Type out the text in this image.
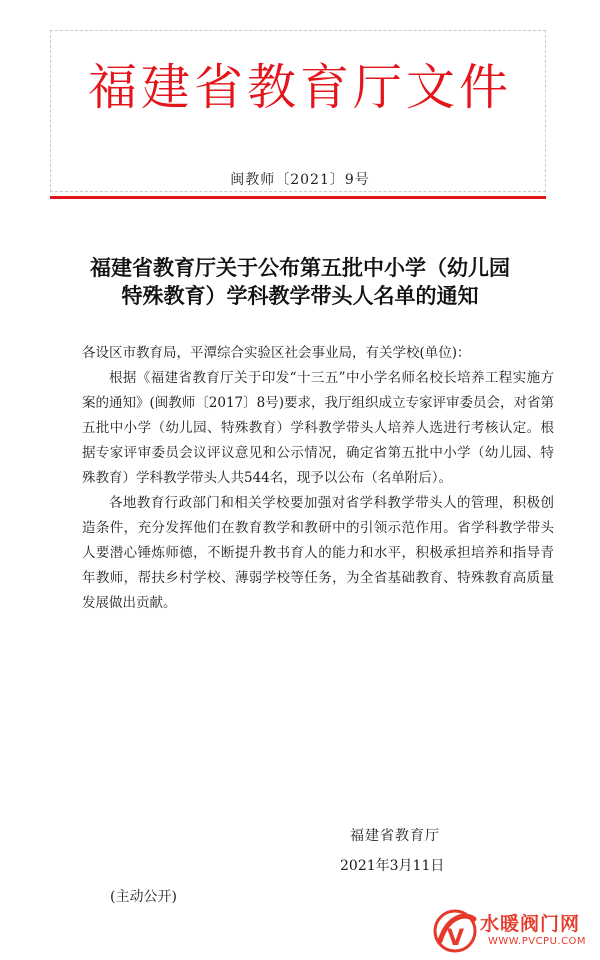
福建省教育厅文件
闽教师〔2021〕9号
福建省教育厅关于公布第五批中小学（幼儿园
特殊教育）学科教学带头人名单的通知

各设区市教育局，平潭综合实验区社会事业局，有关学校(单位)：

根据《福建省教育厅关于印发“十三五”中小学名师名校长培养工程实施方案的通知》(闽教师〔2017〕8号)要求，我厅组织成立专家评审委员会，对省第五批中小学（幼儿园、特殊教育）学科教学带头人培养人选进行考核认定。根据专家评审委员会议评议意见和公示情况，确定省第五批中小学（幼儿园、特殊教育）学科教学带头人共544名，现予以公布（名单附后）。

各地教育行政部门和相关学校要加强对省学科教学带头人的管理，积极创造条件，充分发挥他们在教育教学和教研中的引领示范作用。省学科教学带头人要潜心锤炼师德，不断提升教书育人的能力和水平，积极承担培养和指导青年教师，帮扶乡村学校、薄弱学校等任务，为全省基础教育、特殊教育高质量发展做出贡献。

福建省教育厅
2021年3月11日
(主动公开)
V
水暖阀门网
WWW.PVCPU.COM
